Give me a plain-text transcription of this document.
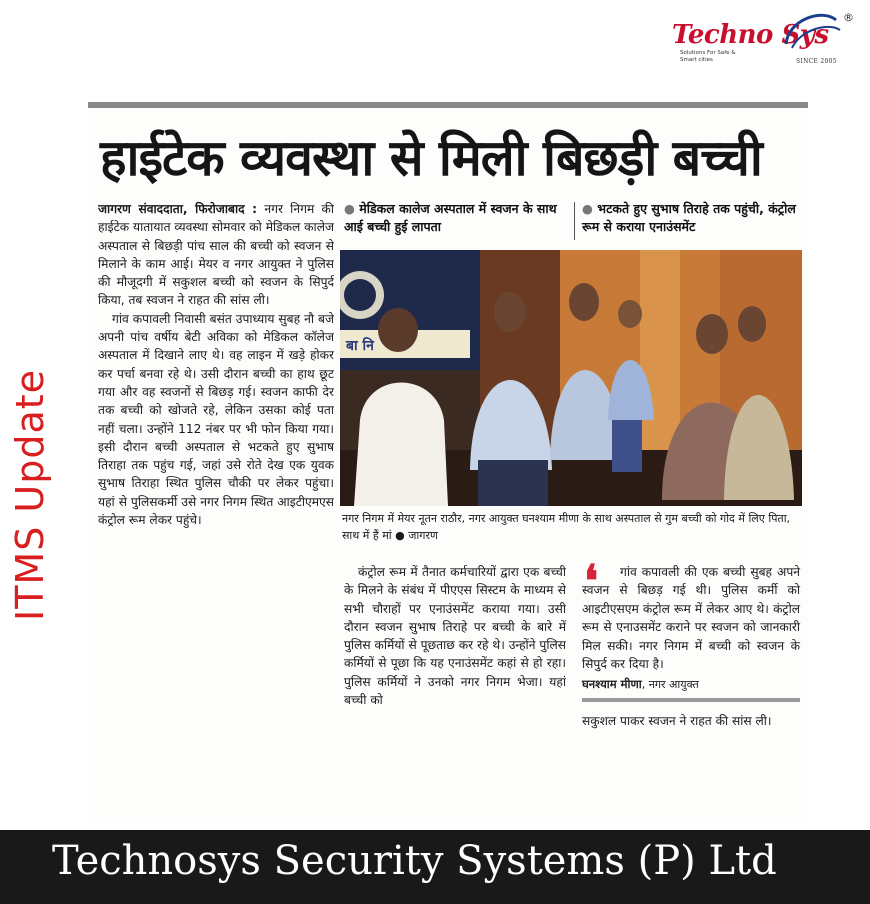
Techno Sys
®
Solutions For Safe & Smart cities	SINCE 2005
ITMS Update
हाईटेक व्यवस्था से मिली बिछड़ी बच्ची

जागरण संवाददाता, फिरोजाबाद : नगर निगम की हाईटेक यातायात व्यवस्था सोमवार को मेडिकल कालेज अस्पताल से बिछड़ी पांच साल की बच्ची को स्वजन से मिलाने के काम आई। मेयर व नगर आयुक्त ने पुलिस की मौजूदगी में सकुशल बच्ची को स्वजन के सिपुर्द किया, तब स्वजन ने राहत की सांस ली।

गांव कपावली निवासी बसंत उपाध्याय सुबह नौ बजे अपनी पांच वर्षीय बेटी अविका को मेडिकल कॉलेज अस्पताल में दिखाने लाए थे। वह लाइन में खड़े होकर कर पर्चा बनवा रहे थे। उसी दौरान बच्ची का हाथ छूट गया और वह स्वजनों से बिछड़ गई। स्वजन काफी देर तक बच्ची को खोजते रहे, लेकिन उसका कोई पता नहीं चला। उन्होंने 112 नंबर पर भी फोन किया गया। इसी दौरान बच्ची अस्पताल से भटकते हुए सुभाष तिराहा तक पहुंच गई, जहां उसे रोते देख एक युवक सुभाष तिराहा स्थित पुलिस चौकी पर लेकर पहुंचा। यहां से पुलिसकर्मी उसे नगर निगम स्थित आइटीएमएस कंट्रोल रूम लेकर पहुंचे।

● मेडिकल कालेज अस्पताल में स्वजन के साथ आई बच्ची हुई लापता
● भटकते हुए सुभाष तिराहे तक पहुंची, कंट्रोल रूम से कराया एनाउंसमेंट
बा नि
नगर निगम में मेयर नूतन राठौर, नगर आयुक्त घनश्याम मीणा के साथ अस्पताल से गुम बच्ची को गोद में लिए पिता, साथ में हैं मां ● जागरण

कंट्रोल रूम में तैनात कर्मचारियों द्वारा एक बच्ची के मिलने के संबंध में पीएएस सिस्टम के माध्यम से सभी चौराहों पर एनाउंसमेंट कराया गया। उसी दौरान स्वजन सुभाष तिराहे पर बच्ची के बारे में पुलिस कर्मियों से पूछताछ कर रहे थे। उन्होंने पुलिस कर्मियों से पूछा कि यह एनाउंसमेंट कहां से हो रहा। पुलिस कर्मियों ने उनको नगर निगम भेजा। यहां बच्ची को

❛	गांव कपावली की एक बच्ची सुबह अपने स्वजन से बिछड़ गई थी। पुलिस कर्मी को आइटीएसएम कंट्रोल रूम में लेकर आए थे। कंट्रोल रूम से एनाउसमेंट कराने पर स्वजन को जानकारी मिल सकी। नगर निगम में बच्ची को स्वजन के सिपुर्द कर दिया है।
घनश्याम मीणा, नगर आयुक्त
सकुशल पाकर स्वजन ने राहत की सांस ली।
Technosys Security Systems (P) Ltd
